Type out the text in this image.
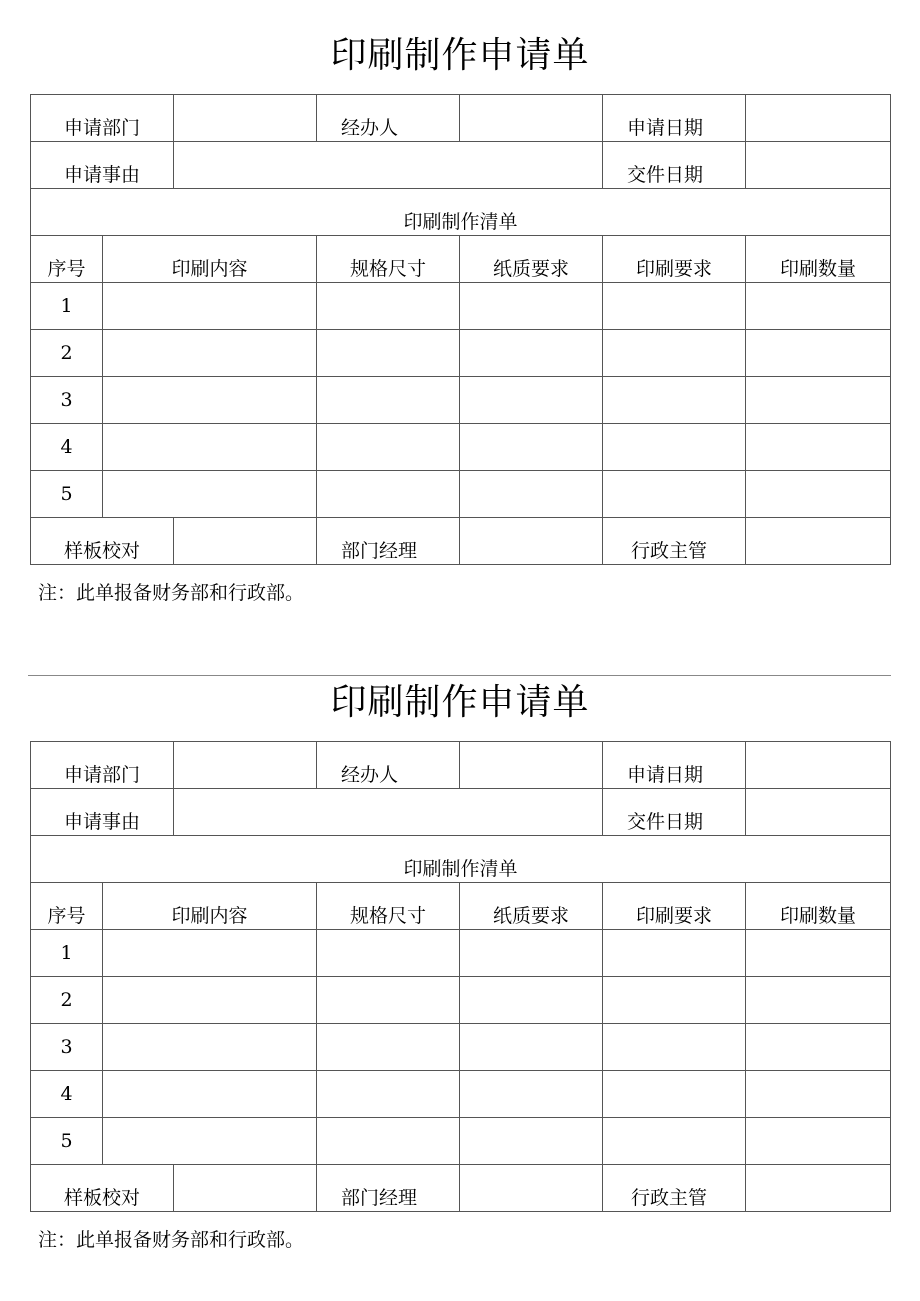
印刷制作申请单
申请部门			经办人		申请日期	
申请事由					交件日期	
印刷制作清单						
序号	印刷内容		规格尺寸	纸质要求	印刷要求	印刷数量
1						
2						
3						
4						
5						
样板校对			部门经理		行政主管	
注：此单报备财务部和行政部。
印刷制作申请单
申请部门			经办人		申请日期	
申请事由					交件日期	
印刷制作清单						
序号	印刷内容		规格尺寸	纸质要求	印刷要求	印刷数量
1						
2						
3						
4						
5						
样板校对			部门经理		行政主管	
注：此单报备财务部和行政部。
